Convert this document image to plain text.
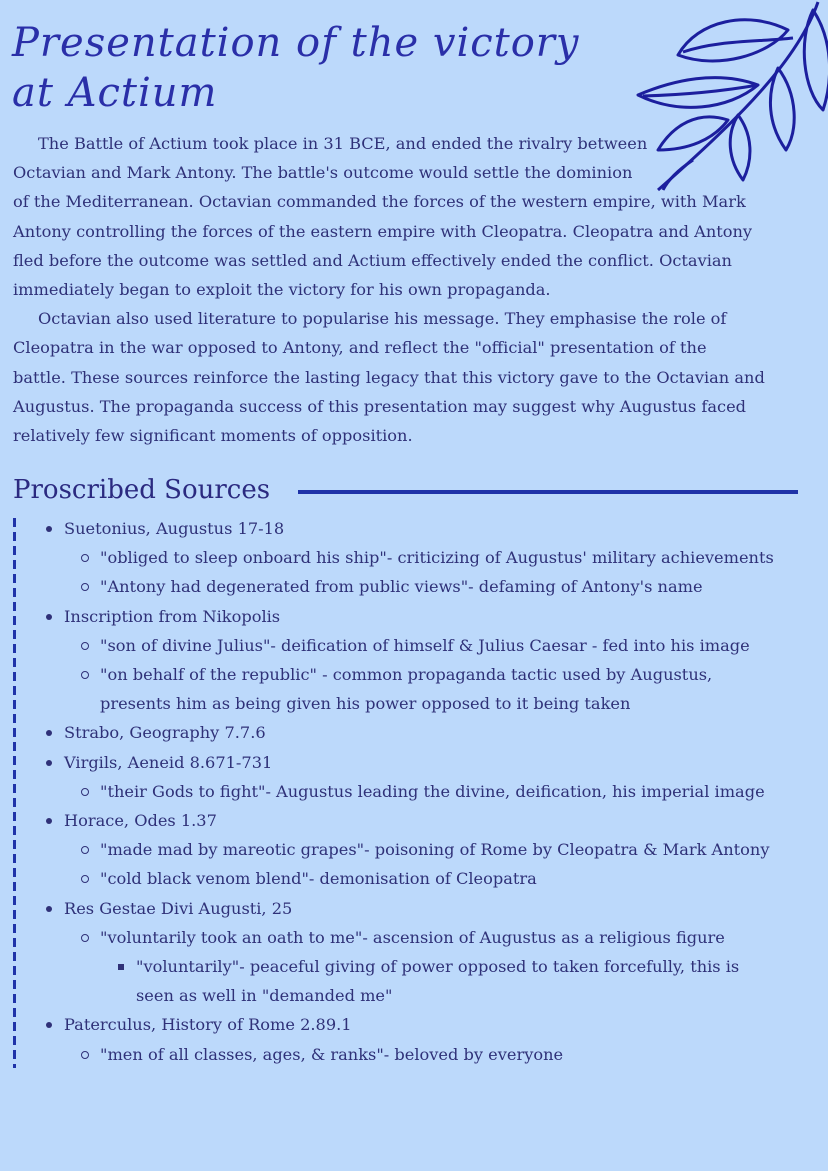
Presentation of the victory at Actium

The Battle of Actium took place in 31 BCE, and ended the rivalry between
Octavian and Mark Antony. The battle's outcome would settle the dominion
of the Mediterranean. Octavian commanded the forces of the western empire, with Mark
Antony controlling the forces of the eastern empire with Cleopatra. Cleopatra and Antony
fled before the outcome was settled and Actium effectively ended the conflict. Octavian
immediately began to exploit the victory for his own propaganda.

Octavian also used literature to popularise his message. They emphasise the role of
Cleopatra in the war opposed to Antony, and reflect the "official" presentation of the
battle. These sources reinforce the lasting legacy that this victory gave to the Octavian and
Augustus. The propaganda success of this presentation may suggest why Augustus faced
relatively few significant moments of opposition.

Proscribed Sources
Suetonius, Augustus 17-18
"obliged to sleep onboard his ship"- criticizing of Augustus' military achievements
"Antony had degenerated from public views"- defaming of Antony's name
Inscription from Nikopolis
"son of divine Julius"- deification of himself & Julius Caesar - fed into his image
"on behalf of the republic" - common propaganda tactic used by Augustus,
presents him as being given his power opposed to it being taken
Strabo, Geography 7.7.6
Virgils, Aeneid 8.671-731
"their Gods to fight"- Augustus leading the divine, deification, his imperial image
Horace, Odes 1.37
"made mad by mareotic grapes"- poisoning of Rome by Cleopatra & Mark Antony
"cold black venom blend"- demonisation of Cleopatra
Res Gestae Divi Augusti, 25
"voluntarily took an oath to me"- ascension of Augustus as a religious figure
"voluntarily"- peaceful giving of power opposed to taken forcefully, this is
seen as well in "demanded me"
Paterculus, History of Rome 2.89.1
"men of all classes, ages, & ranks"- beloved by everyone
